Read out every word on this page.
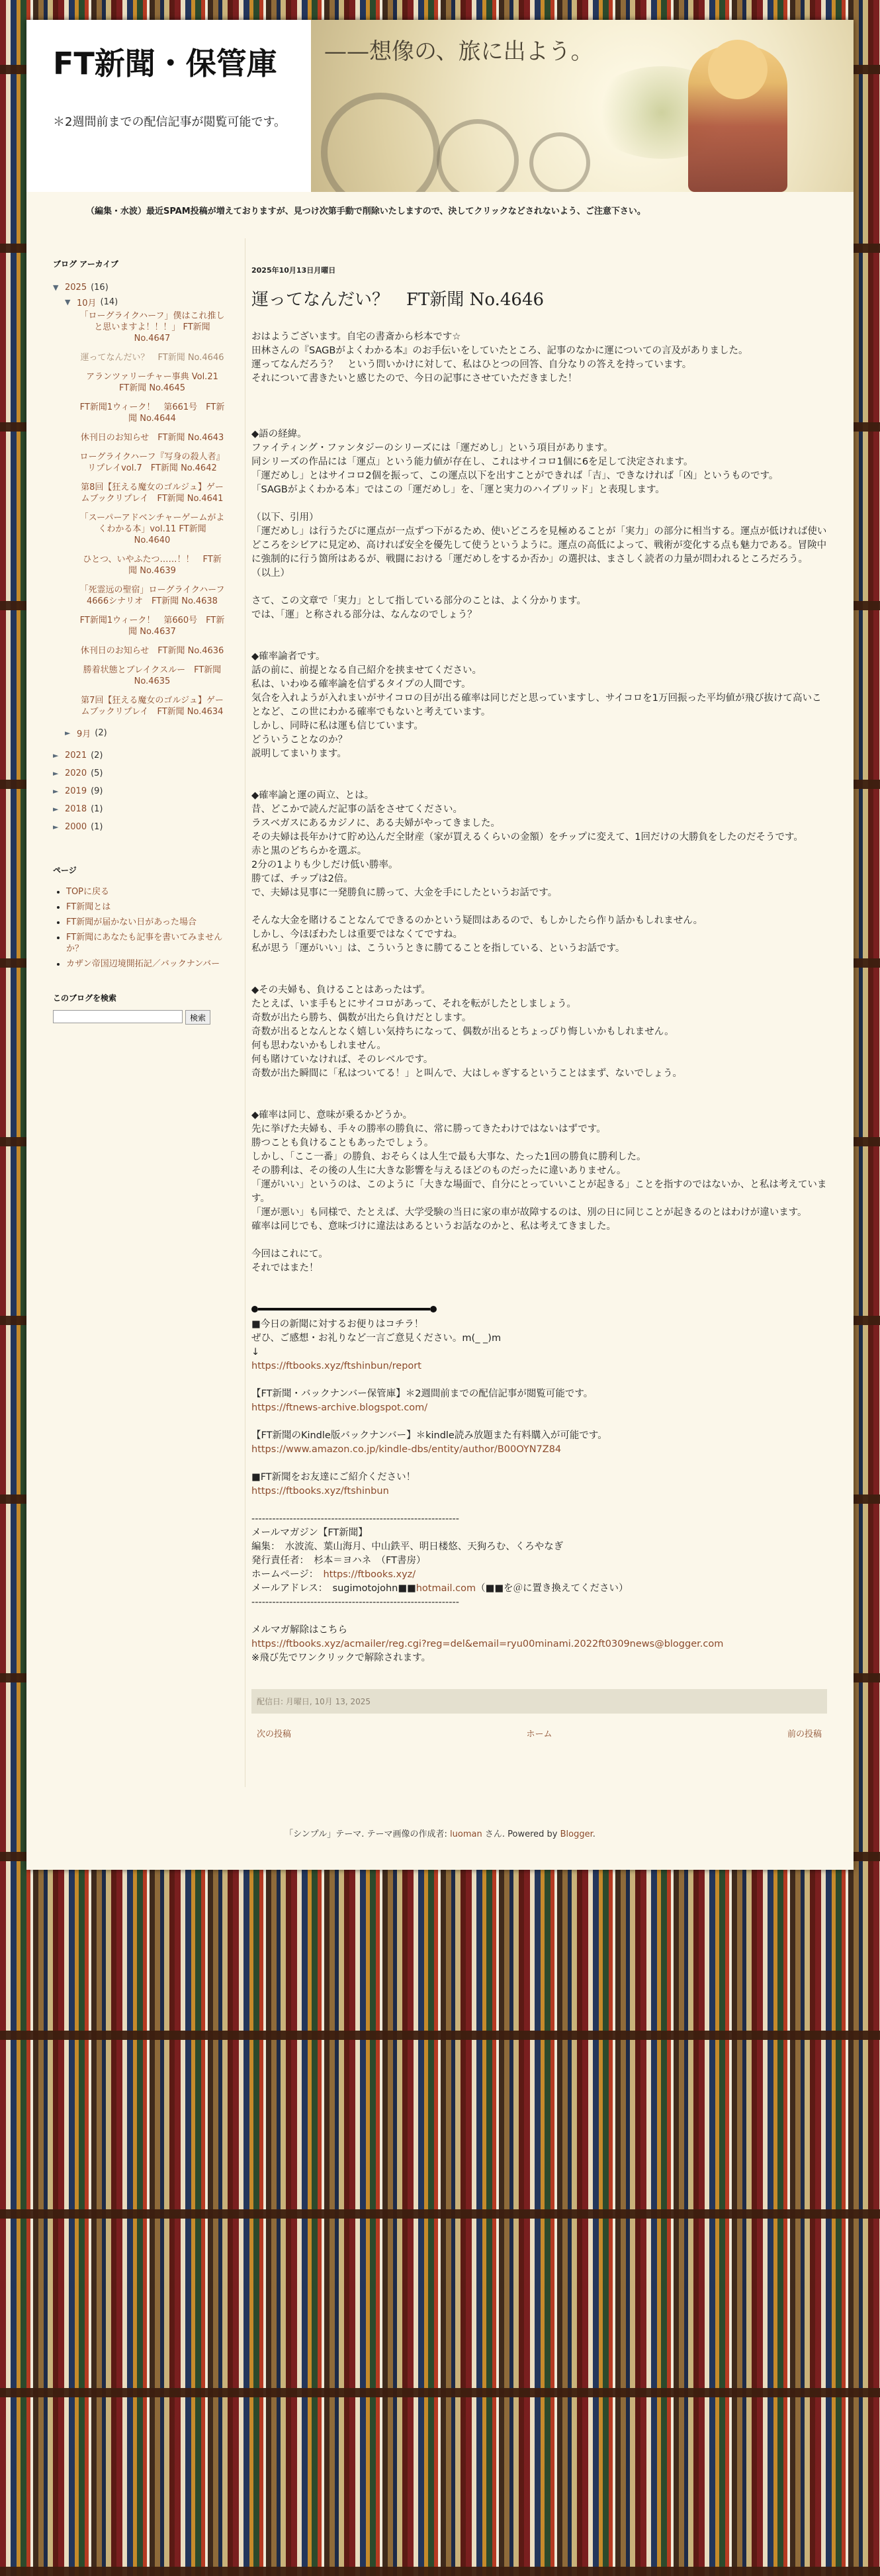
FT新聞・保管庫

＊2週間前までの配信記事が閲覧可能です。

——想像の、旅に出よう。

（編集・水波）最近SPAM投稿が増えておりますが、見つけ次第手動で削除いたしますので、決してクリックなどされないよう、ご注意下さい。

ブログ アーカイブ
▼ 2025 (16)
▼ 10月 (14)
「ローグライクハーフ」僕はこれ推しと思いますよ！！！」 FT新聞 No.4647
運ってなんだい？　FT新聞 No.4646
アランツァリーチャー事典 Vol.21　FT新聞 No.4645
FT新聞1ウィーク！　第661号　FT新聞 No.4644
休刊日のお知らせ　FT新聞 No.4643
ローグライクハーフ『写身の殺人者』リプレイvol.7　FT新聞 No.4642
第8回【狂える魔女のゴルジュ】ゲームブックリプレイ　FT新聞 No.4641
「スーパーアドベンチャーゲームがよくわかる本」vol.11 FT新聞 No.4640
ひとつ、いやふたつ……！！　FT新聞 No.4639
「死霊远の聖宿」ローグライクハーフ4666シナリオ　FT新聞 No.4638
FT新聞1ウィーク！　第660号　FT新聞 No.4637
休刊日のお知らせ　FT新聞 No.4636
勝着状態とブレイクスルー　FT新聞 No.4635
第7回【狂える魔女のゴルジュ】ゲームブックリプレイ　FT新聞 No.4634
► 9月 (2)
► 2021 (2)
► 2020 (5)
► 2019 (9)
► 2018 (1)
► 2000 (1)
ページ
• TOPに戻る
• FT新聞とは
• FT新聞が届かない日があった場合
• FT新聞にあなたも記事を書いてみませんか？
• カザン帝国辺境開拓記／バックナンバー
このブログを検索
検索
2025年10月13日月曜日
運ってなんだい？　FT新聞 No.4646

おはようございます。自宅の書斎から杉本です☆
田林さんの『SAGBがよくわかる本』のお手伝いをしていたところ、記事のなかに運についての言及がありました。
運ってなんだろう？　という問いかけに対して、私はひとつの回答、自分なりの答えを持っています。
それについて書きたいと感じたので、今日の記事にさせていただきました！

◆語の経緯。
ファイティング・ファンタジーのシリーズには「運だめし」という項目があります。
同シリーズの作品には「運点」という能力値が存在し、これはサイコロ1個に6を足して決定されます。
「運だめし」とはサイコロ2個を振って、この運点以下を出すことができれば「吉」、できなければ「凶」というものです。
「SAGBがよくわかる本」ではこの「運だめし」を、「運と実力のハイブリッド」と表現します。

（以下、引用）
「運だめし」は行うたびに運点が一点ずつ下がるため、使いどころを見極めることが「実力」の部分に相当する。運点が低ければ使いどころをシビアに見定め、高ければ安全を優先して使うというように。運点の高低によって、戦術が変化する点も魅力である。冒険中に強制的に行う箇所はあるが、戦闘における「運だめしをするか否か」の選択は、まさしく読者の力量が問われるところだろう。
（以上）

さて、この文章で「実力」として指している部分のことは、よく分かります。
では、「運」と称される部分は、なんなのでしょう？

◆確率論者です。
話の前に、前提となる自己紹介を挟ませてください。
私は、いわゆる確率論を信ずるタイプの人間です。
気合を入れようが入れまいがサイコロの目が出る確率は同じだと思っていますし、サイコロを1万回振った平均値が飛び抜けて高いことなど、この世にわかる確率でもないと考えています。
しかし、同時に私は運も信じています。
どういうことなのか？
説明してまいります。

◆確率論と運の両立、とは。
昔、どこかで読んだ記事の話をさせてください。
ラスベガスにあるカジノに、ある夫婦がやってきました。
その夫婦は長年かけて貯め込んだ全財産（家が買えるくらいの金額）をチップに変えて、1回だけの大勝負をしたのだそうです。
赤と黒のどちらかを選ぶ。
2分の1よりも少しだけ低い勝率。
勝てば、チップは2倍。
で、夫婦は見事に一発勝負に勝って、大金を手にしたというお話です。

そんな大金を賭けることなんてできるのかという疑問はあるので、もしかしたら作り話かもしれません。
しかし、今ほぼわたしは重要ではなくてですね。
私が思う「運がいい」は、こういうときに勝てることを指している、というお話です。

◆その夫婦も、負けることはあったはず。
たとえば、いま手もとにサイコロがあって、それを転がしたとしましょう。
奇数が出たら勝ち、偶数が出たら負けだとします。
奇数が出るとなんとなく嬉しい気持ちになって、偶数が出るとちょっぴり悔しいかもしれません。
何も思わないかもしれません。
何も賭けていなければ、そのレベルです。
奇数が出た瞬間に「私はついてる！」と叫んで、大はしゃぎするということはまず、ないでしょう。

◆確率は同じ、意味が乗るかどうか。
先に挙げた夫婦も、手々の勝率の勝負に、常に勝ってきたわけではないはずです。
勝つことも負けることもあったでしょう。
しかし、「ここ一番」の勝負、おそらくは人生で最も大事な、たった1回の勝負に勝利した。
その勝利は、その後の人生に大きな影響を与えるほどのものだったに違いありません。
「運がいい」というのは、このように「大きな場面で、自分にとっていいことが起きる」ことを指すのではないか、と私は考えています。
「運が悪い」も同様で、たとえば、大学受験の当日に家の車が故障するのは、別の日に同じことが起きるのとはわけが違います。
確率は同じでも、意味づけに違法はあるというお話なのかと、私は考えてきました。

今回はこれにて。
それではまた！

■今日の新聞に対するお便りはコチラ！
ぜひ、ご感想・お礼りなど一言ご意見ください。m(_ _)m
↓

https://ftbooks.xyz/ftshinbun/report

【FT新聞・バックナンバー保管庫】＊2週間前までの配信記事が閲覧可能です。

https://ftnews-archive.blogspot.com/

【FT新聞のKindle版バックナンバー】＊kindle読み放題また有料購入が可能です。

https://www.amazon.co.jp/kindle-dbs/entity/author/B00OYN7Z84

■FT新聞をお友達にご紹介ください！

https://ftbooks.xyz/ftshinbun

------------------------------------------------------------

メールマガジン【FT新聞】
編集：　水波流、葉山海月、中山鉄平、明日楼悠、天狗ろむ、くろやなぎ
発行責任者：　杉本＝ヨハネ　（FT書房）

ホームページ：　 https://ftbooks.xyz/

メールアドレス：　sugimotojohn■■hotmail.com（■■を＠に置き換えてください）

------------------------------------------------------------

メルマガ解除はこちら

https://ftbooks.xyz/acmailer/reg.cgi?reg=del&email=ryu00minami.2022ft0309news@blogger.com

※飛び先でワンクリックで解除されます。

配信日: 月曜日, 10月 13, 2025
次の投稿	ホーム	前の投稿
「シンプル」テーマ. テーマ画像の作成者: luoman さん. Powered by Blogger.
